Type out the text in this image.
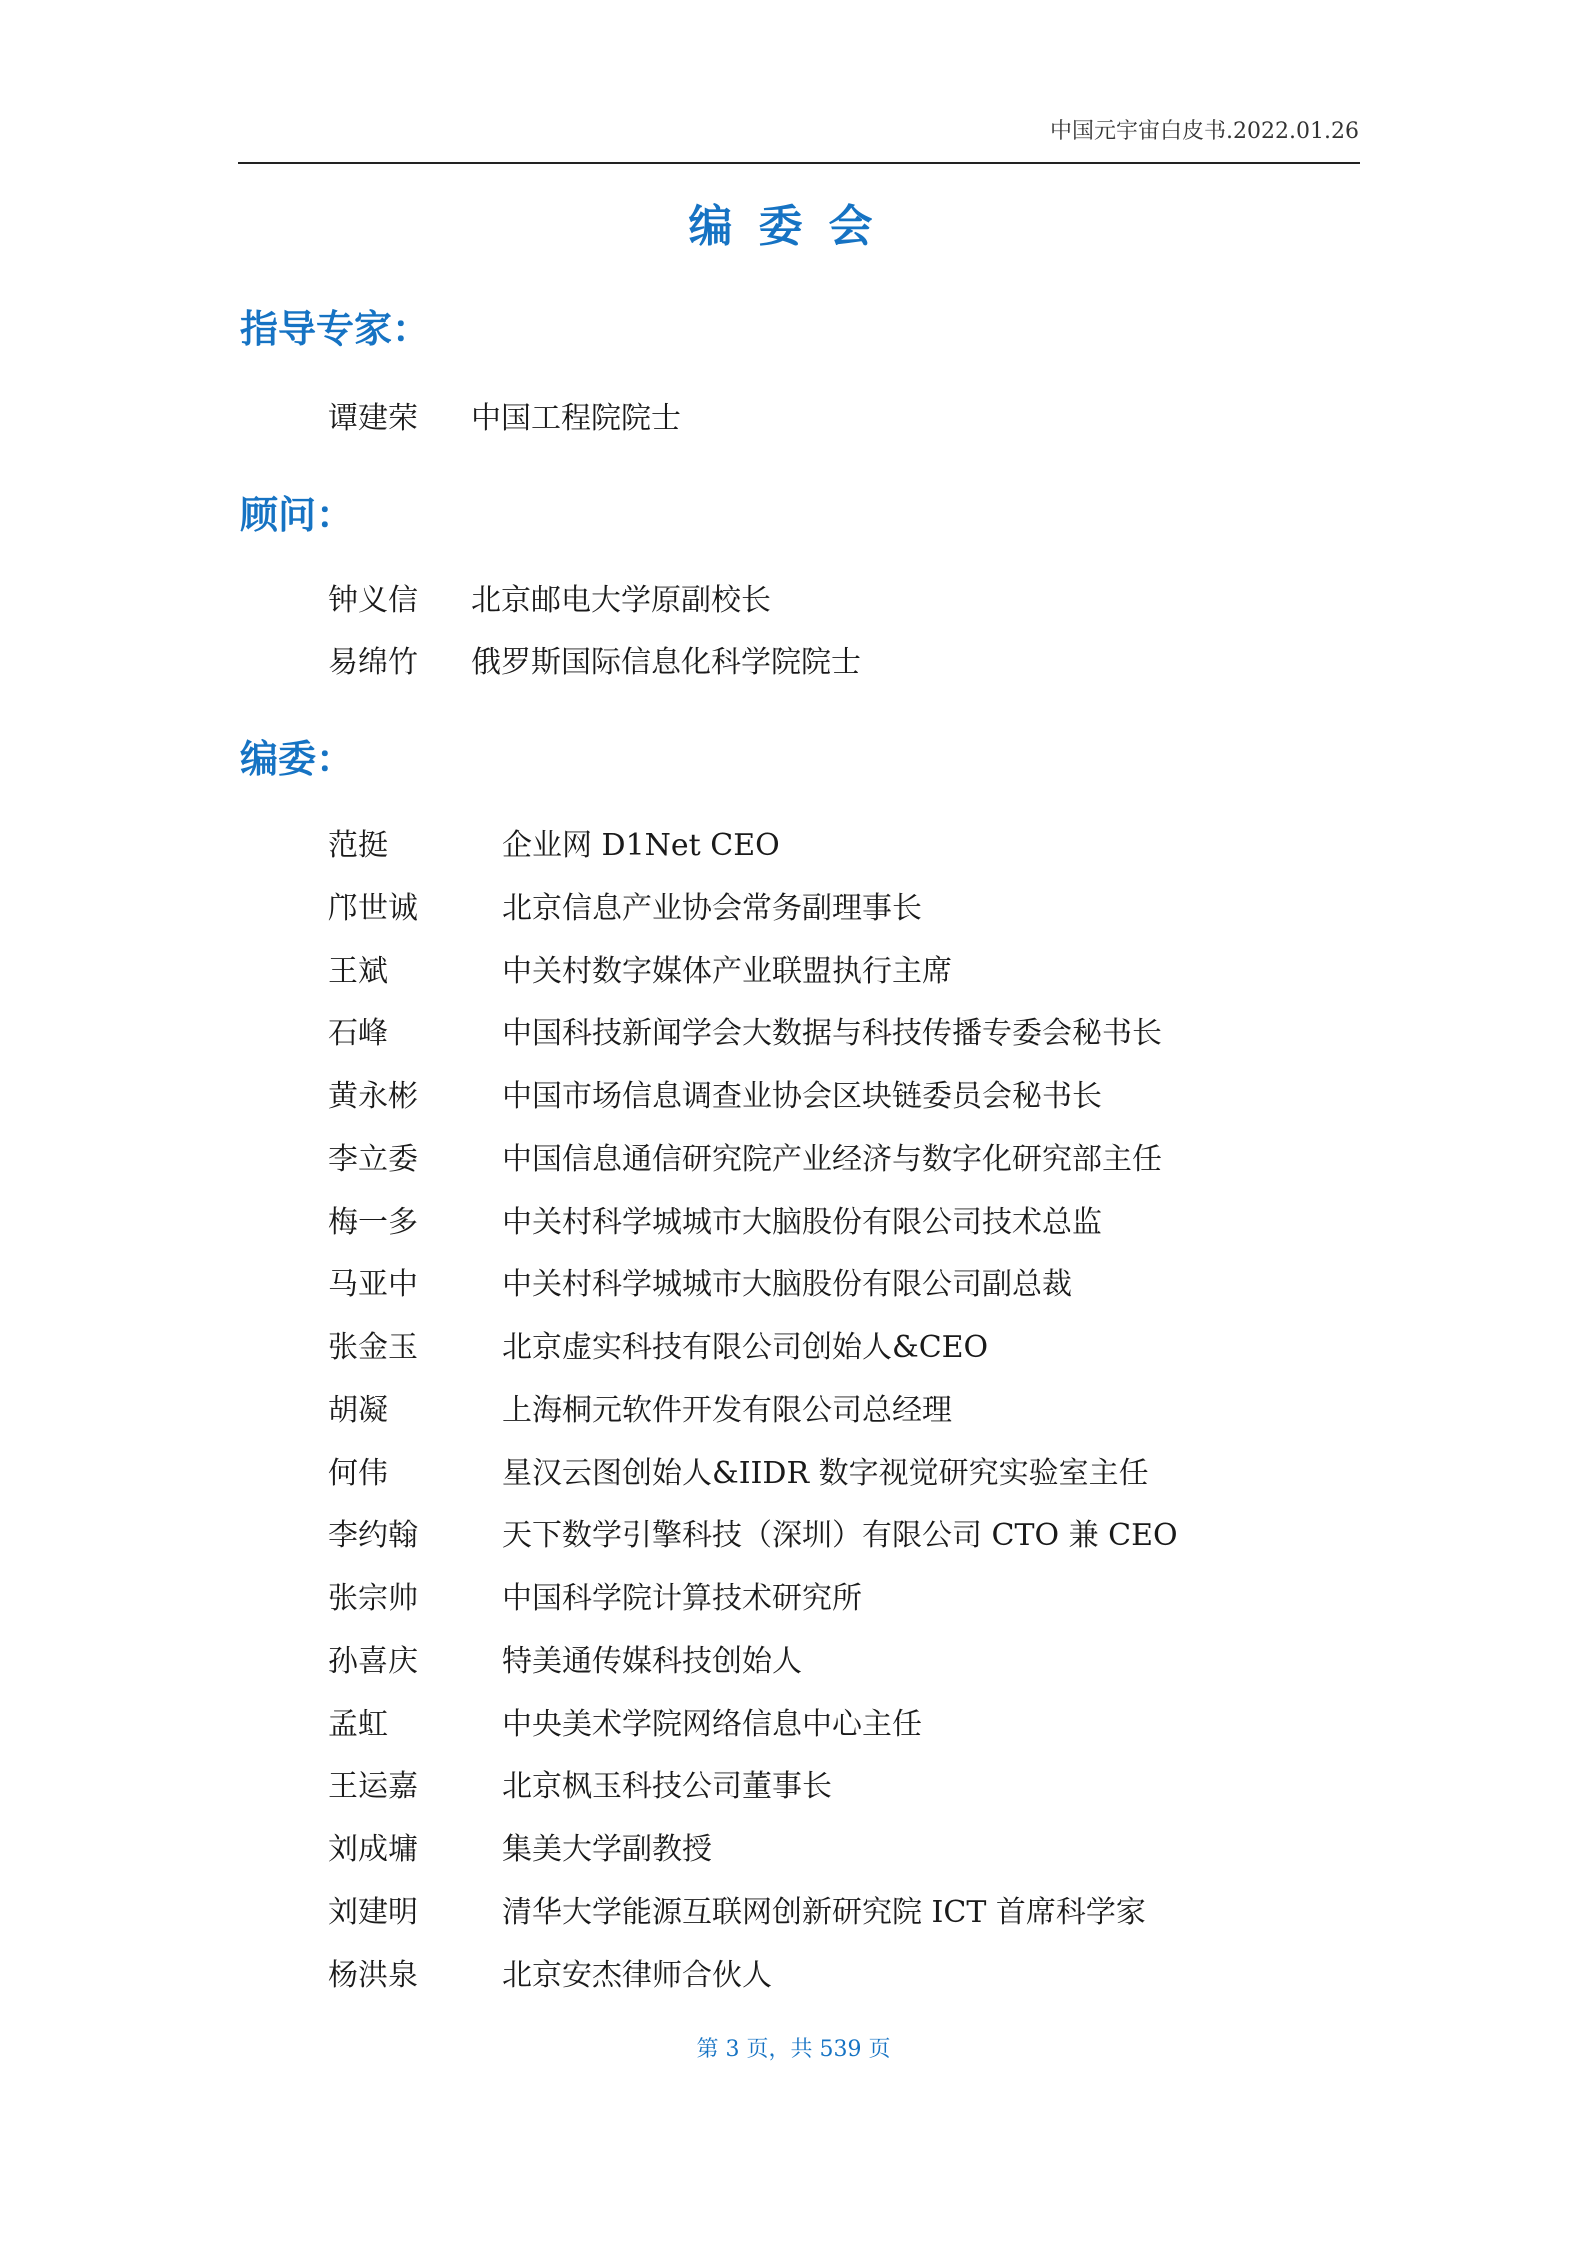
中国元宇宙白皮书.2022.01.26
编委会
指导专家：
谭建荣 中国工程院院士
顾问：
钟义信 北京邮电大学原副校长
易绵竹 俄罗斯国际信息化科学院院士
编委：
范挺	企业网 D1Net CEO
邝世诚	北京信息产业协会常务副理事长
王斌	中关村数字媒体产业联盟执行主席
石峰	中国科技新闻学会大数据与科技传播专委会秘书长
黄永彬	中国市场信息调查业协会区块链委员会秘书长
李立委	中国信息通信研究院产业经济与数字化研究部主任
梅一多	中关村科学城城市大脑股份有限公司技术总监
马亚中	中关村科学城城市大脑股份有限公司副总裁
张金玉	北京虚实科技有限公司创始人&CEO
胡凝	上海桐元软件开发有限公司总经理
何伟	星汉云图创始人&IIDR 数字视觉研究实验室主任
李约翰	天下数学引擎科技（深圳）有限公司 CTO 兼 CEO
张宗帅	中国科学院计算技术研究所
孙喜庆	特美通传媒科技创始人
孟虹	中央美术学院网络信息中心主任
王运嘉	北京枫玉科技公司董事长
刘成墉	集美大学副教授
刘建明	清华大学能源互联网创新研究院 ICT 首席科学家
杨洪泉	北京安杰律师合伙人
第 3 页，共 539 页
